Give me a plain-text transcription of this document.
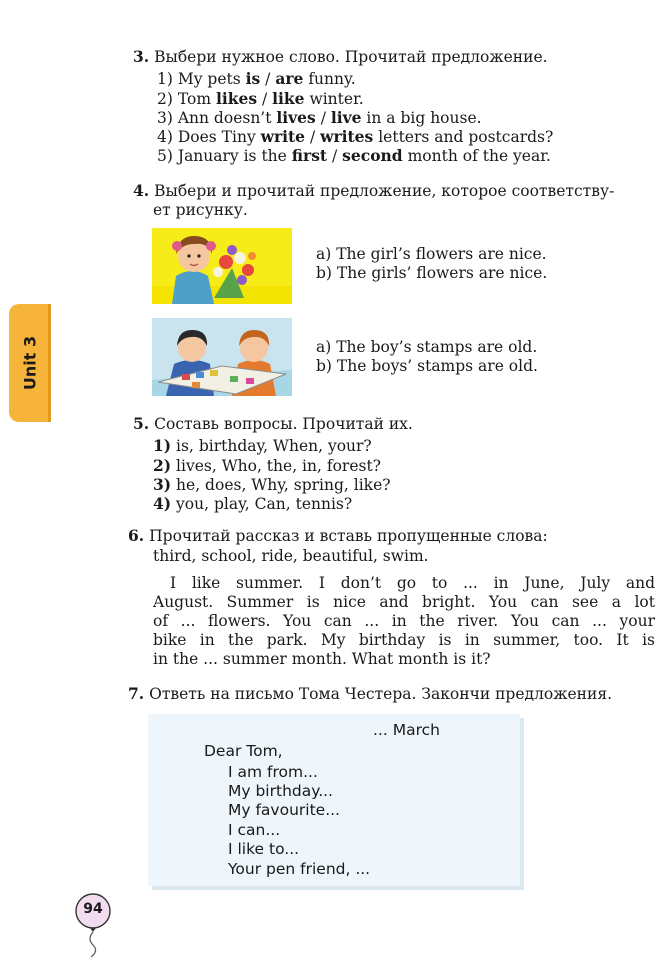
Unit 3
3. Выбери нужное слово. Прочитай предложение.
1) My pets is / are funny.
2) Tom likes / like winter.
3) Ann doesn’t lives / live in a big house.
4) Does Tiny write / writes letters and postcards?
5) January is the first / second month of the year.
4. Выбери и прочитай предложение, которое соответству-
ет рисунку.
a) The girl’s flowers are nice.
b) The girls’ flowers are nice.
a) The boy’s stamps are old.
b) The boys’ stamps are old.
5. Составь вопросы. Прочитай их.
1) is, birthday, When, your?
2) lives, Who, the, in, forest?
3) he, does, Why, spring, like?
4) you, play, Can, tennis?
6. Прочитай рассказ и вставь пропущенные слова:
third, school, ride, beautiful, swim.
I like summer. I don’t go to ... in June, July and
August. Summer is nice and bright. You can see a lot
of ... flowers. You can ... in the river. You can ... your
bike in the park. My birthday is in summer, too. It is
in the ... summer month. What month is it?
7. Ответь на письмо Тома Честера. Закончи предложения.
... March
Dear Tom,
I am from...
My birthday...
My favourite...
I can...
I like to...
Your pen friend, ...
94
